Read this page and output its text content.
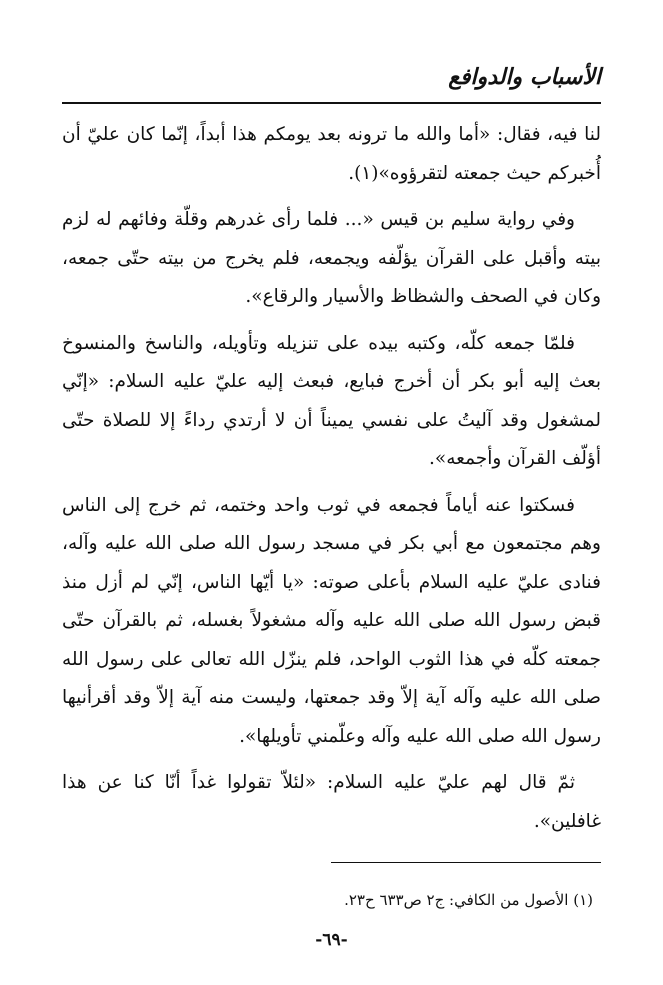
الأسباب والدوافع

لنا فيه، فقال: «أما والله ما ترونه بعد يومكم هذا أبداً، إنّما كان عليّ أن أُخبركم حيث جمعته لتقرؤوه»(١).

وفي رواية سليم بن قيس «... فلما رأى غدرهم وقلّة وفائهم له لزم بيته وأقبل على القرآن يؤلّفه ويجمعه، فلم يخرج من بيته حتّى جمعه، وكان في الصحف والشظاظ والأسيار والرقاع».

فلمّا جمعه كلّه، وكتبه بيده على تنزيله وتأويله، والناسخ والمنسوخ بعث إليه أبو بكر أن أخرج فبايع، فبعث إليه عليّ عليه السلام: «إنّي لمشغول وقد آليتُ على نفسي يميناً أن لا أرتدي رداءً إلا للصلاة حتّى أؤلّف القرآن وأجمعه».

فسكتوا عنه أياماً فجمعه في ثوب واحد وختمه، ثم خرج إلى الناس وهم مجتمعون مع أبي بكر في مسجد رسول الله صلى الله عليه وآله، فنادى عليّ عليه السلام بأعلى صوته: «يا أيّها الناس، إنّي لم أزل منذ قبض رسول الله صلى الله عليه وآله مشغولاً بغسله، ثم بالقرآن حتّى جمعته كلّه في هذا الثوب الواحد، فلم ينزّل الله تعالى على رسول الله صلى الله عليه وآله آية إلاّ وقد جمعتها، وليست منه آية إلاّ وقد أقرأنيها رسول الله صلى الله عليه وآله وعلّمني تأويلها».

ثمّ قال لهم عليّ عليه السلام: «لئلاّ تقولوا غداً أنّا كنا عن هذا غافلين».

(١) الأصول من الكافي: ج٢ ص٦٣٣ ح٢٣.
-٦٩-
